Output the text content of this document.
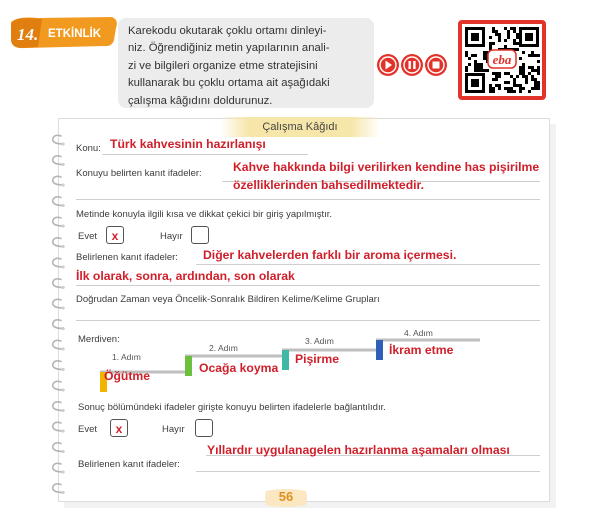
14. ETKİNLİK Karekodu okutarak çoklu ortamı dinleyi-
niz. Öğrendiğiniz metin yapılarının anali-
zi ve bilgileri organize etme stratejisini
kullanarak bu çoklu ortama ait aşağıdaki
çalışma kâğıdını doldurunuz.
eba
Çalışma Kâğıdı
Konu: Türk kahvesinin hazırlanışı
Konuyu belirten kanıt ifadeler:	Kahve hakkında bilgi verilirken kendine has pişirilme
özelliklerinden bahsedilmektedir.
Metinde konuyla ilgili kısa ve dikkat çekici bir giriş yapılmıştır.
Evet	x	Hayır
Belirlenen kanıt ifadeler: Diğer kahvelerden farklı bir aroma içermesi.
İlk olarak, sonra, ardından, son olarak
Doğrudan Zaman veya Öncelik-Sonralık Bildiren Kelime/Kelime Grupları
Merdiven:
1. Adım
Öğütme
2. Adım
Ocağa koyma
3. Adım
Pişirme
4. Adım
İkram etme
Sonuç bölümündeki ifadeler girişte konuyu belirten ifadelerle bağlantılıdır.
Evet	x	Hayır
Yıllardır uygulanagelen hazırlanma aşamaları olması
Belirlenen kanıt ifadeler:
56
